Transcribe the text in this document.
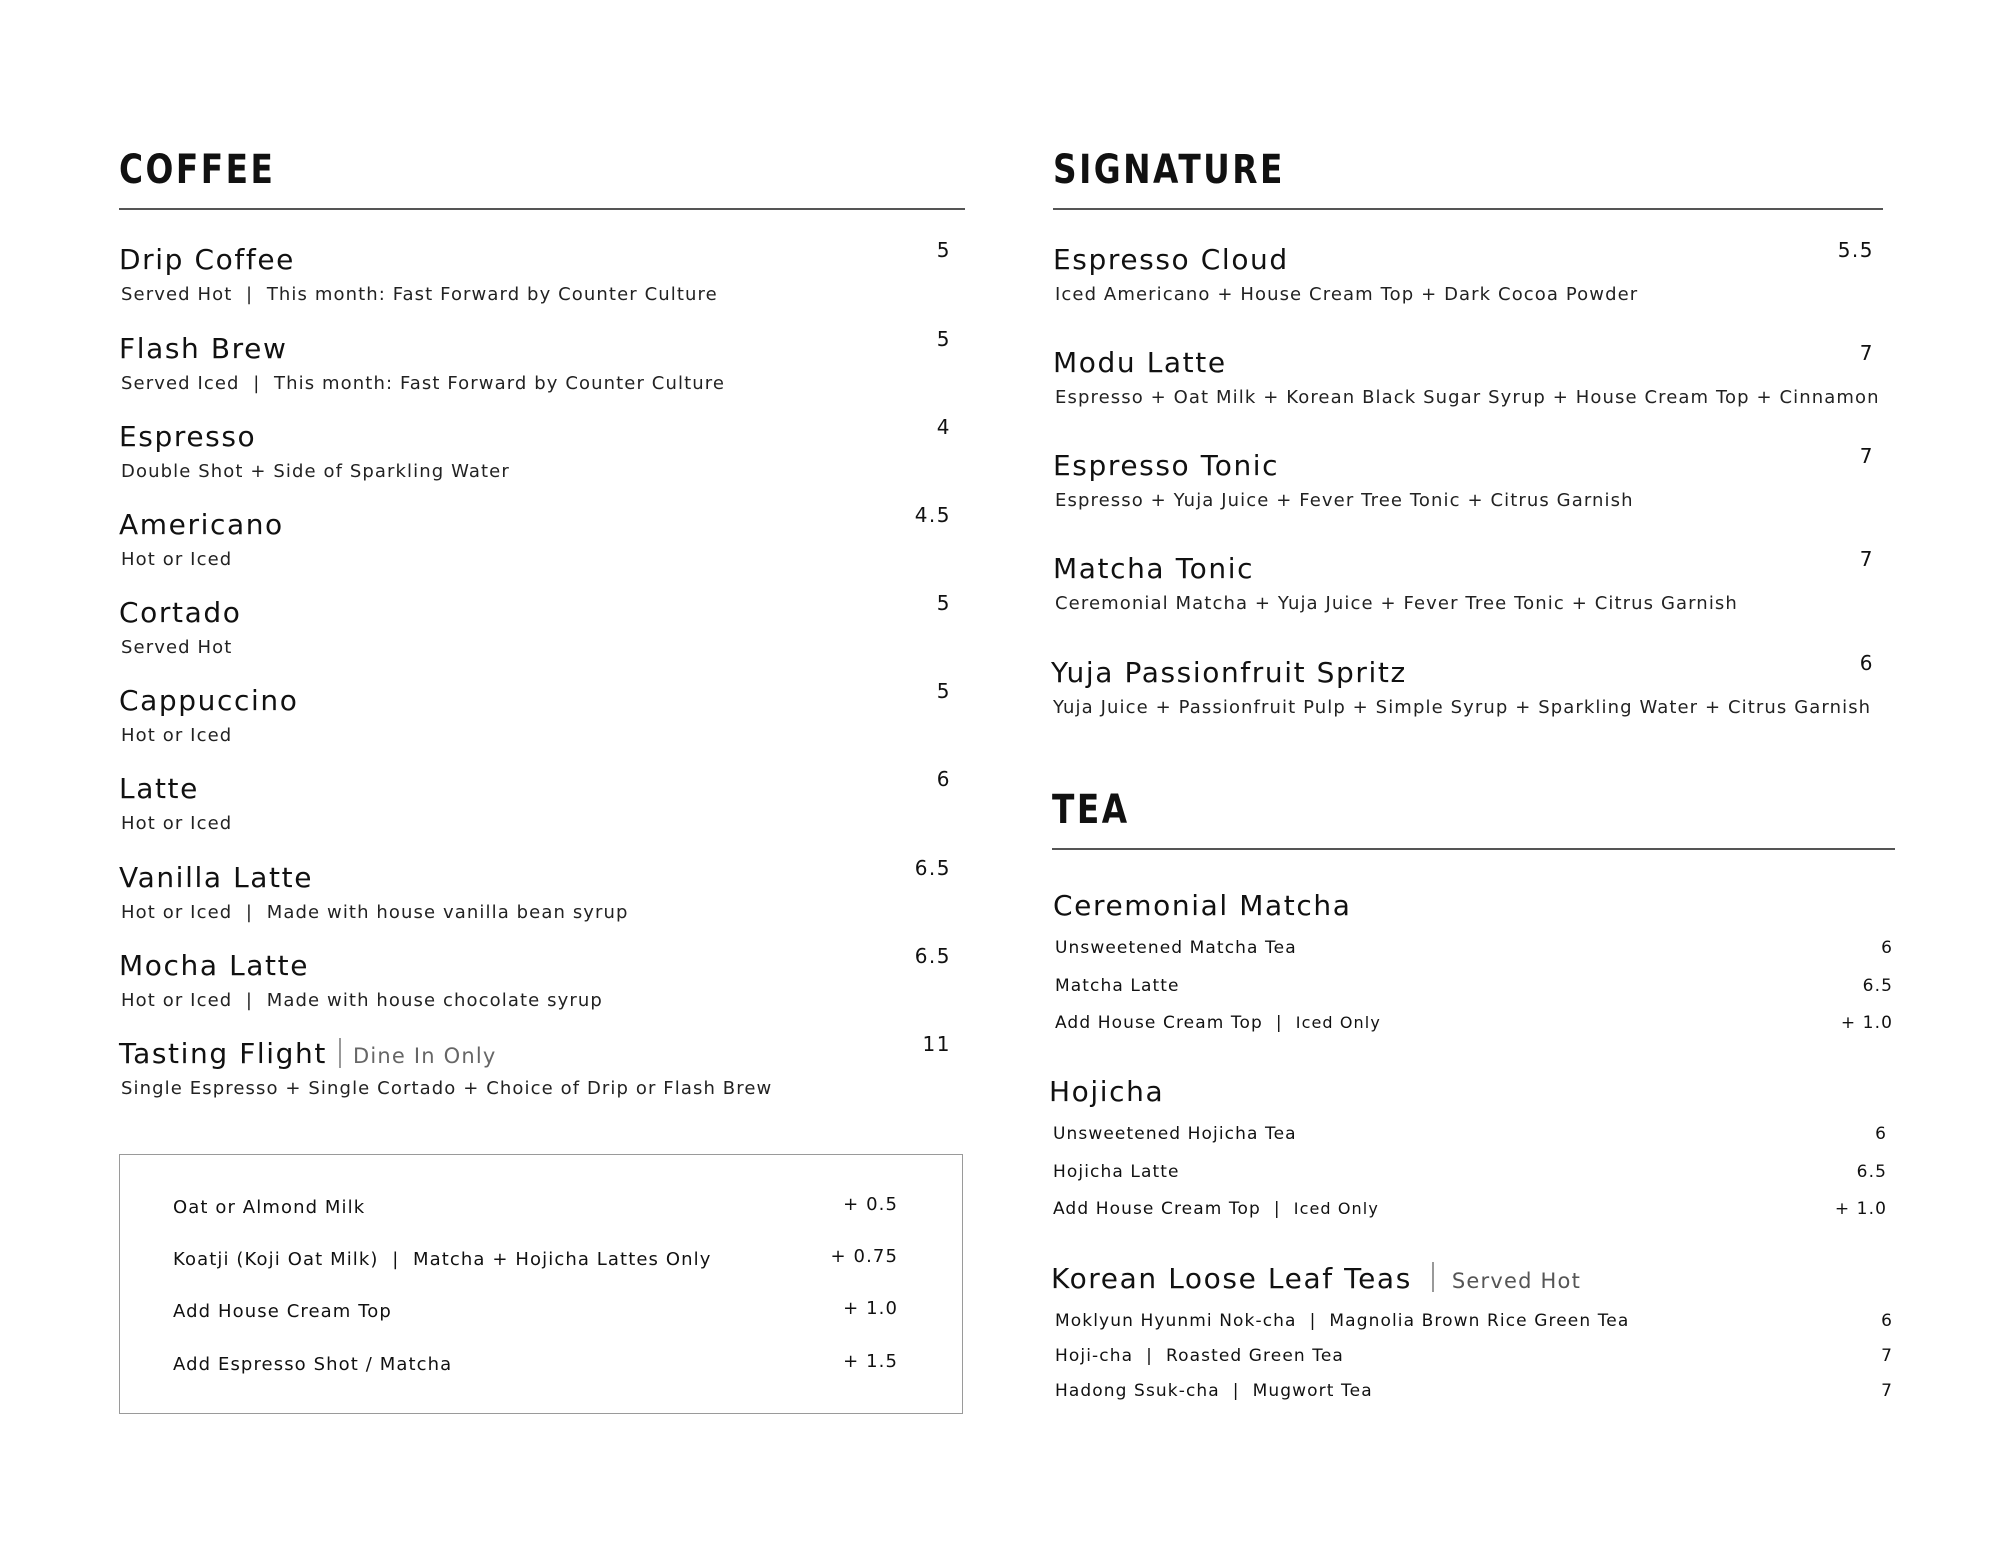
COFFEE
Drip Coffee	5
Served Hot  |  This month: Fast Forward by Counter Culture
Flash Brew	5
Served Iced  |  This month: Fast Forward by Counter Culture
Espresso	4
Double Shot + Side of Sparkling Water
Americano	4.5
Hot or Iced
Cortado	5
Served Hot
Cappuccino	5
Hot or Iced
Latte	6
Hot or Iced
Vanilla Latte	6.5
Hot or Iced  |  Made with house vanilla bean syrup
Mocha Latte	6.5
Hot or Iced  |  Made with house chocolate syrup
Tasting Flight Dine In Only	11
Single Espresso + Single Cortado + Choice of Drip or Flash Brew
Oat or Almond Milk	+ 0.5
Koatji (Koji Oat Milk)  |  Matcha + Hojicha Lattes Only	+ 0.75
Add House Cream Top	+ 1.0
Add Espresso Shot / Matcha	+ 1.5
SIGNATURE
Espresso Cloud	5.5
Iced Americano + House Cream Top + Dark Cocoa Powder
Modu Latte	7
Espresso + Oat Milk + Korean Black Sugar Syrup + House Cream Top + Cinnamon
Espresso Tonic	7
Espresso + Yuja Juice + Fever Tree Tonic + Citrus Garnish
Matcha Tonic	7
Ceremonial Matcha + Yuja Juice + Fever Tree Tonic + Citrus Garnish
Yuja Passionfruit Spritz	6
Yuja Juice + Passionfruit Pulp + Simple Syrup + Sparkling Water + Citrus Garnish
TEA
Ceremonial Matcha
Unsweetened Matcha Tea	6
Matcha Latte	6.5
Add House Cream Top  |  Iced Only	+ 1.0
Hojicha
Unsweetened Hojicha Tea	6
Hojicha Latte	6.5
Add House Cream Top  |  Iced Only	+ 1.0
Korean Loose Leaf Teas Served Hot
Moklyun Hyunmi Nok-cha  |  Magnolia Brown Rice Green Tea	6
Hoji-cha  |  Roasted Green Tea	7
Hadong Ssuk-cha  |  Mugwort Tea	7
